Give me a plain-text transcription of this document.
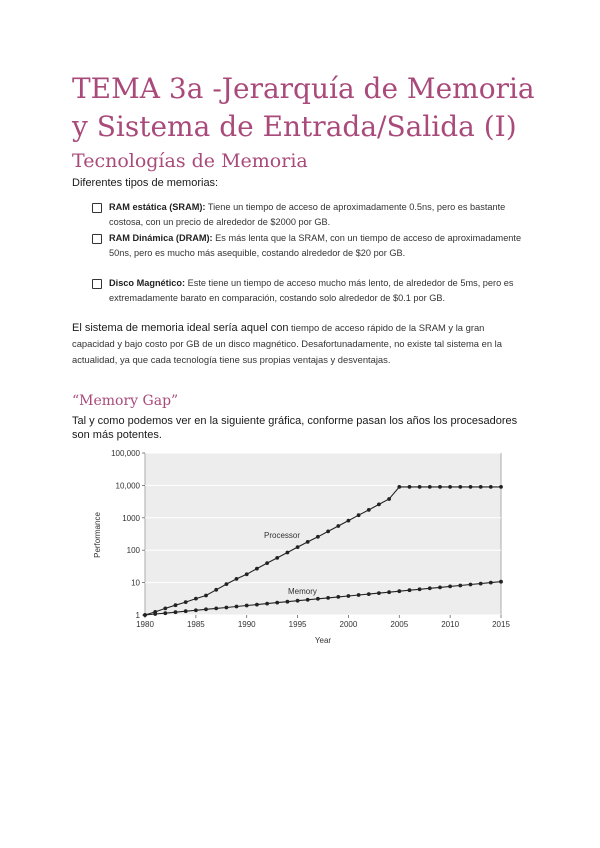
TEMA 3a -Jerarquía de Memoria y Sistema de Entrada/Salida (I)
Tecnologías de Memoria
Diferentes tipos de memorias:
RAM estática (SRAM): Tiene un tiempo de acceso de aproximadamente 0.5ns, pero es bastante costosa, con un precio de alrededor de $2000 por GB.
RAM Dinámica (DRAM): Es más lenta que la SRAM, con un tiempo de acceso de aproximadamente 50ns, pero es mucho más asequible, costando alrededor de $20 por GB.
Disco Magnético: Este tiene un tiempo de acceso mucho más lento, de alrededor de 5ms, pero es extremadamente barato en comparación, costando solo alrededor de $0.1 por GB.
El sistema de memoria ideal sería aquel con tiempo de acceso rápido de la SRAM y la gran capacidad y bajo costo por GB de un disco magnético. Desafortunadamente, no existe tal sistema en la actualidad, ya que cada tecnología tiene sus propias ventajas y desventajas.
“Memory Gap”
Tal y como podemos ver en la siguiente gráfica, conforme pasan los años los procesadores son más potentes.
1
10
100
1000
10,000
100,000
1980	1985	1990	1995	2000	2005	2010	2015
Performance
Year
Processor
Memory
